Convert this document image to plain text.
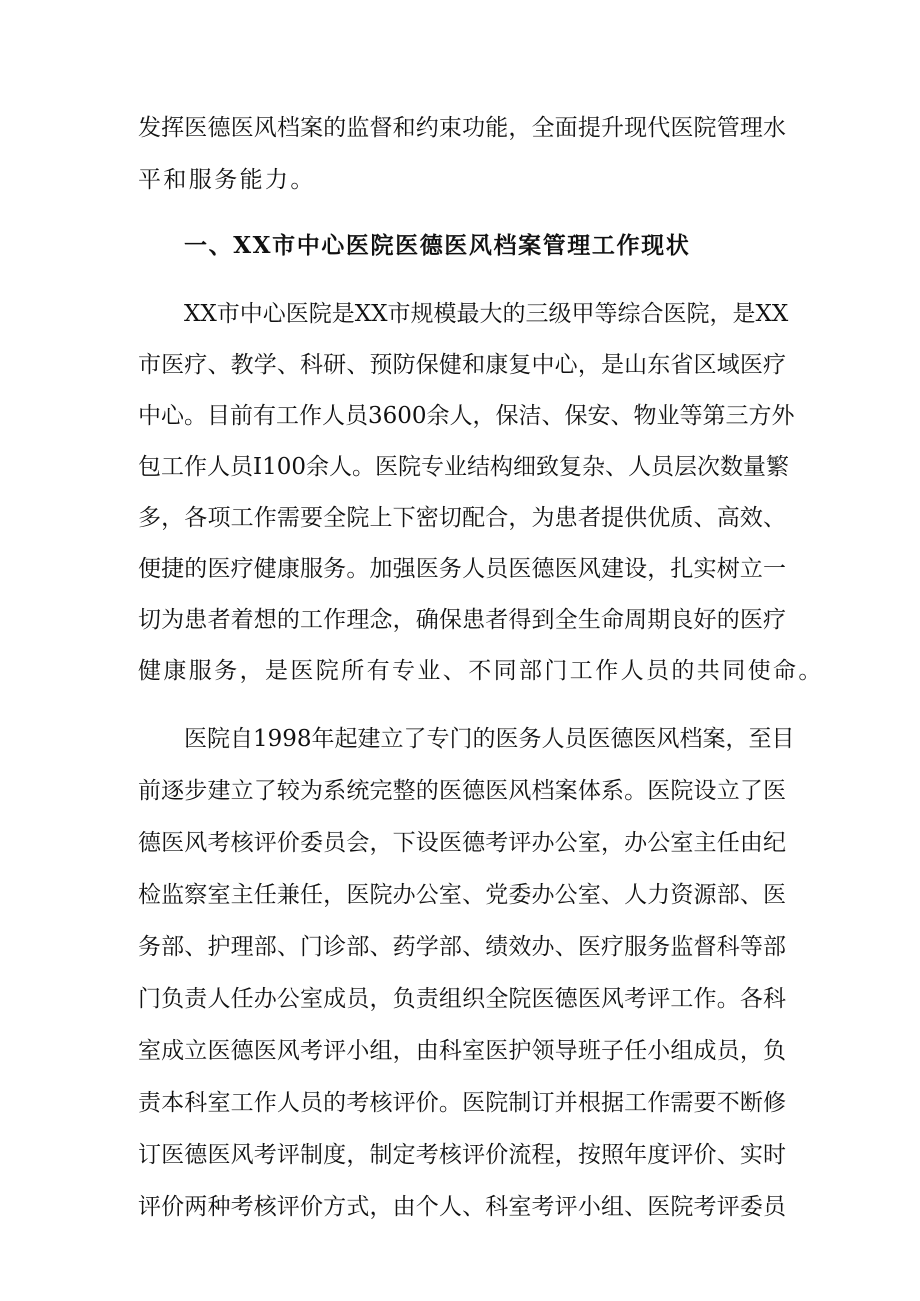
发挥医德医风档案的监督和约束功能，全面提升现代医院管理水
平和服务能力。
一、XX市中心医院医德医风档案管理工作现状
XX市中心医院是XX市规模最大的三级甲等综合医院，是XX
市医疗、教学、科研、预防保健和康复中心，是山东省区域医疗
中心。目前有工作人员3600余人，保洁、保安、物业等第三方外
包工作人员I100余人。医院专业结构细致复杂、人员层次数量繁
多，各项工作需要全院上下密切配合，为患者提供优质、高效、
便捷的医疗健康服务。加强医务人员医德医风建设，扎实树立一
切为患者着想的工作理念，确保患者得到全生命周期良好的医疗
健康服务，是医院所有专业、不同部门工作人员的共同使命。
医院自1998年起建立了专门的医务人员医德医风档案，至目
前逐步建立了较为系统完整的医德医风档案体系。医院设立了医
德医风考核评价委员会，下设医德考评办公室，办公室主任由纪
检监察室主任兼任，医院办公室、党委办公室、人力资源部、医
务部、护理部、门诊部、药学部、绩效办、医疗服务监督科等部
门负责人任办公室成员，负责组织全院医德医风考评工作。各科
室成立医德医风考评小组，由科室医护领导班子任小组成员，负
责本科室工作人员的考核评价。医院制订并根据工作需要不断修
订医德医风考评制度，制定考核评价流程，按照年度评价、实时
评价两种考核评价方式，由个人、科室考评小组、医院考评委员
